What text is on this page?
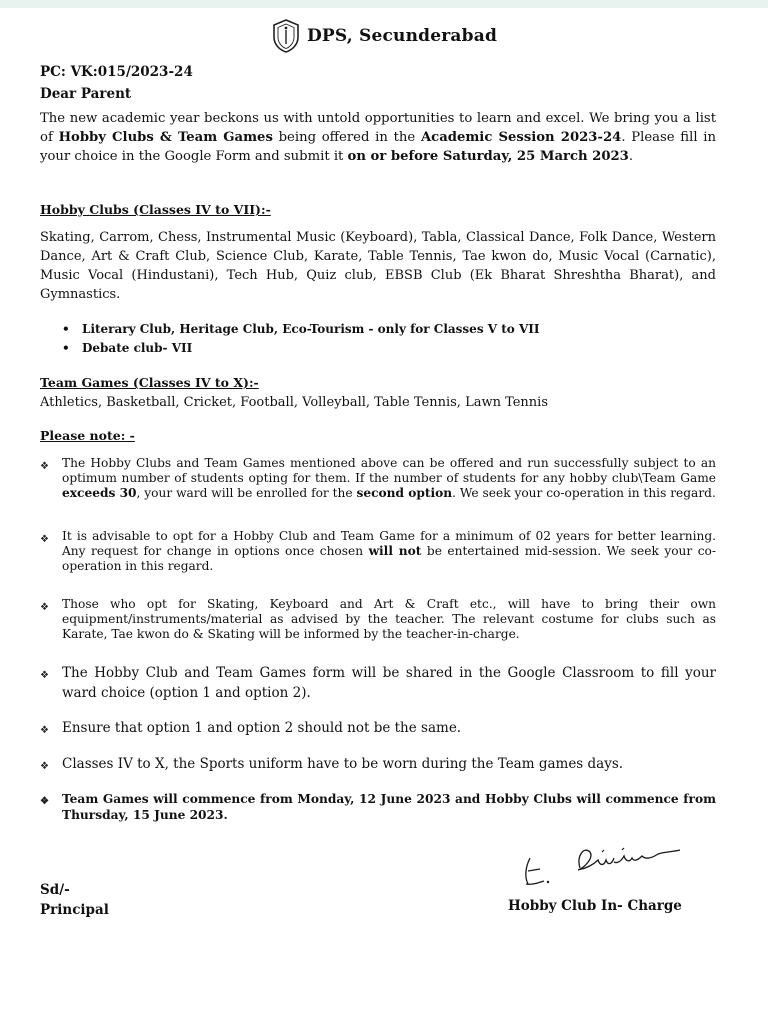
DPS, Secunderabad
PC: VK:015/2023-24
Dear Parent
The new academic year beckons us with untold opportunities to learn and excel. We bring you a list of Hobby Clubs & Team Games being offered in the Academic Session 2023-24. Please fill in your choice in the Google Form and submit it on or before Saturday, 25 March 2023.
Hobby Clubs (Classes IV to VII):-
Skating, Carrom, Chess, Instrumental Music (Keyboard), Tabla, Classical Dance, Folk Dance, Western Dance, Art & Craft Club, Science Club, Karate, Table Tennis, Tae kwon do, Music Vocal (Carnatic), Music Vocal (Hindustani), Tech Hub, Quiz club, EBSB Club (Ek Bharat Shreshtha Bharat), and Gymnastics.
• Literary Club, Heritage Club, Eco-Tourism - only for Classes V to VII
• Debate club- VII
Team Games (Classes IV to X):-
Athletics, Basketball, Cricket, Football, Volleyball, Table Tennis, Lawn Tennis
Please note: -
❖ The Hobby Clubs and Team Games mentioned above can be offered and run successfully subject to an optimum number of students opting for them. If the number of students for any hobby club\Team Game exceeds 30, your ward will be enrolled for the second option. We seek your co-operation in this regard.
❖ It is advisable to opt for a Hobby Club and Team Game for a minimum of 02 years for better learning. Any request for change in options once chosen will not be entertained mid-session. We seek your co-operation in this regard.
❖ Those who opt for Skating, Keyboard and Art & Craft etc., will have to bring their own equipment/instruments/material as advised by the teacher. The relevant costume for clubs such as Karate, Tae kwon do & Skating will be informed by the teacher-in-charge.
❖ The Hobby Club and Team Games form will be shared in the Google Classroom to fill your ward choice (option 1 and option 2).
❖ Ensure that option 1 and option 2 should not be the same.
❖ Classes IV to X, the Sports uniform have to be worn during the Team games days.
❖ Team Games will commence from Monday, 12 June 2023 and Hobby Clubs will commence from Thursday, 15 June 2023.
Sd/-
Principal	Hobby Club In- Charge
